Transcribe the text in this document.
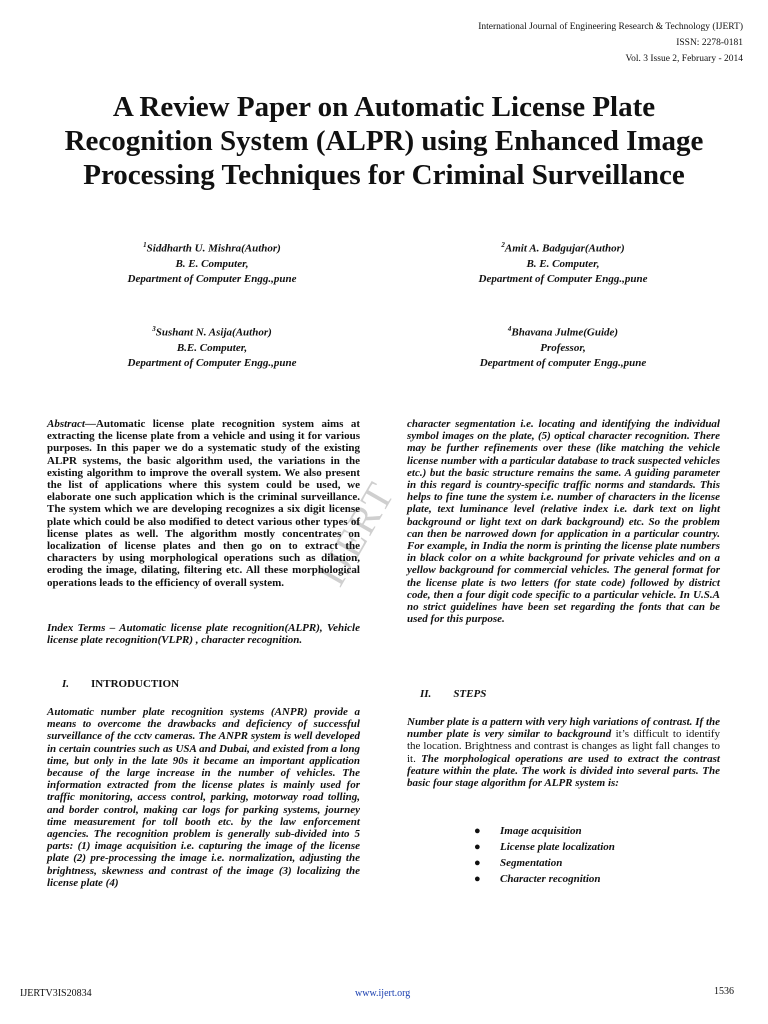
International Journal of Engineering Research & Technology (IJERT)
ISSN: 2278-0181
Vol. 3 Issue 2, February - 2014
A Review Paper on Automatic License Plate Recognition System (ALPR) using Enhanced Image Processing Techniques for Criminal Surveillance
$^1$Siddharth U. Mishra(Author)
B. E. Computer,
Department of Computer Engg.,pune
$^2$Amit A. Badgujar(Author)
B. E. Computer,
Department of Computer Engg.,pune
$^3$Sushant N. Asija(Author)
B.E. Computer,
Department of Computer Engg.,pune
$^4$Bhavana Julme(Guide)
Professor,
Department of computer Engg.,pune
IJERT
Abstract—Automatic license plate recognition system aims at extracting the license plate from a vehicle and using it for various purposes. In this paper we do a systematic study of the existing ALPR systems, the basic algorithm used, the variations in the existing algorithm to improve the overall system. We also present the list of applications where this system could be used, we elaborate one such application which is the criminal surveillance. The system which we are developing recognizes a six digit license plate which could be also modified to detect various other types of license plates as well. The algorithm mostly concentrates on localization of license plates and then go on to extract the characters by using morphological operations such as dilation, eroding the image, dilating, filtering etc. All these morphological operations leads to the efficiency of overall system.
Index Terms – Automatic license plate recognition(ALPR), Vehicle license plate recognition(VLPR) , character recognition.
I. INTRODUCTION
Automatic number plate recognition systems (ANPR) provide a means to overcome the drawbacks and deficiency of successful surveillance of the cctv cameras. The ANPR system is well developed in certain countries such as USA and Dubai, and existed from a long time, but only in the late 90s it became an important application because of the large increase in the number of vehicles. The information extracted from the license plates is mainly used for traffic monitoring, access control, parking, motorway road tolling, and border control, making car logs for parking systems, journey time measurement for toll booth etc. by the law enforcement agencies. The recognition problem is generally sub-divided into 5 parts: (1) image acquisition i.e. capturing the image of the license plate (2) pre-processing the image i.e. normalization, adjusting the brightness, skewness and contrast of the image (3) localizing the license plate (4)
character segmentation i.e. locating and identifying the individual symbol images on the plate, (5) optical character recognition. There may be further refinements over these (like matching the vehicle license number with a particular database to track suspected vehicles etc.) but the basic structure remains the same. A guiding parameter in this regard is country-specific traffic norms and standards. This helps to fine tune the system i.e. number of characters in the license plate, text luminance level (relative index i.e. dark text on light background or light text on dark background) etc. So the problem can then be narrowed down for application in a particular country. For example, in India the norm is printing the license plate numbers in black color on a white background for private vehicles and on a yellow background for commercial vehicles. The general format for the license plate is two letters (for state code) followed by district code, then a four digit code specific to a particular vehicle. In U.S.A no strict guidelines have been set regarding the fonts that can be used for this purpose.
II. STEPS
Number plate is a pattern with very high variations of contrast. If the number plate is very similar to background it’s difficult to identify the location. Brightness and contrast is changes as light fall changes to it. The morphological operations are used to extract the contrast feature within the plate. The work is divided into several parts. The basic four stage algorithm for ALPR system is:
● Image acquisition
● License plate localization
● Segmentation
● Character recognition
IJERTV3IS20834	www.ijert.org	1536
